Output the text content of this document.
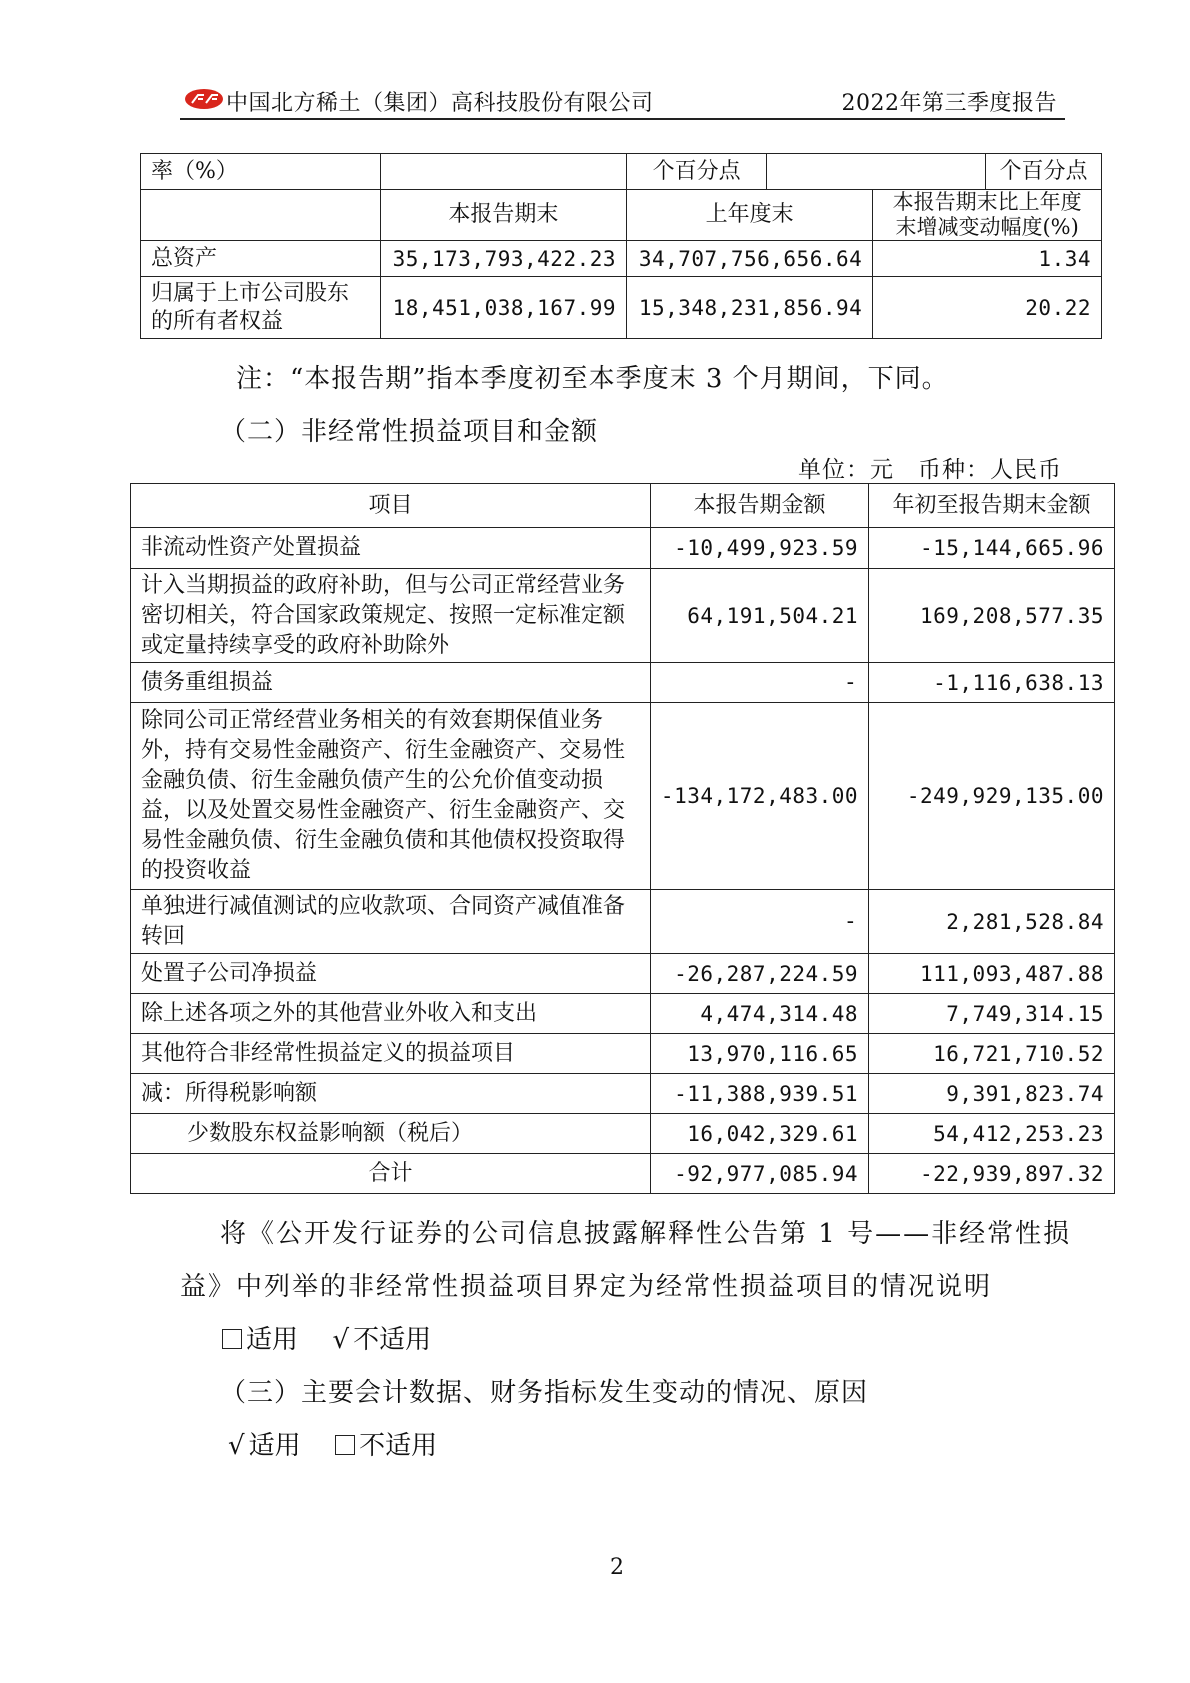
中国北方稀土（集团）高科技股份有限公司	2022年第三季度报告
率（%）		个百分点			个百分点
	本报告期末	上年度末		本报告期末比上年度末增减变动幅度(%)	
总资产	35,173,793,422.23	34,707,756,656.64		1.34	
归属于上市公司股东的所有者权益	18,451,038,167.99	15,348,231,856.94		20.22	
注：“本报告期”指本季度初至本季度末 3 个月期间，下同。
（二）非经常性损益项目和金额
单位：元　币种：人民币
项目	本报告期金额	年初至报告期末金额
非流动性资产处置损益	-10,499,923.59	-15,144,665.96
计入当期损益的政府补助，但与公司正常经营业务密切相关，符合国家政策规定、按照一定标准定额或定量持续享受的政府补助除外	64,191,504.21	169,208,577.35
债务重组损益	-	-1,116,638.13
除同公司正常经营业务相关的有效套期保值业务外，持有交易性金融资产、衍生金融资产、交易性金融负债、衍生金融负债产生的公允价值变动损益，以及处置交易性金融资产、衍生金融资产、交易性金融负债、衍生金融负债和其他债权投资取得的投资收益	-134,172,483.00	-249,929,135.00
单独进行减值测试的应收款项、合同资产减值准备转回	-	2,281,528.84
处置子公司净损益	-26,287,224.59	111,093,487.88
除上述各项之外的其他营业外收入和支出	4,474,314.48	7,749,314.15
其他符合非经常性损益定义的损益项目	13,970,116.65	16,721,710.52
减：所得税影响额	-11,388,939.51	9,391,823.74
少数股东权益影响额（税后）	16,042,329.61	54,412,253.23
合计	-92,977,085.94	-22,939,897.32
将《公开发行证券的公司信息披露解释性公告第 1 号——非经常性损
益》中列举的非经常性损益项目界定为经常性损益项目的情况说明
适用 √ 不适用
（三）主要会计数据、财务指标发生变动的情况、原因
√ 适用 不适用
2
